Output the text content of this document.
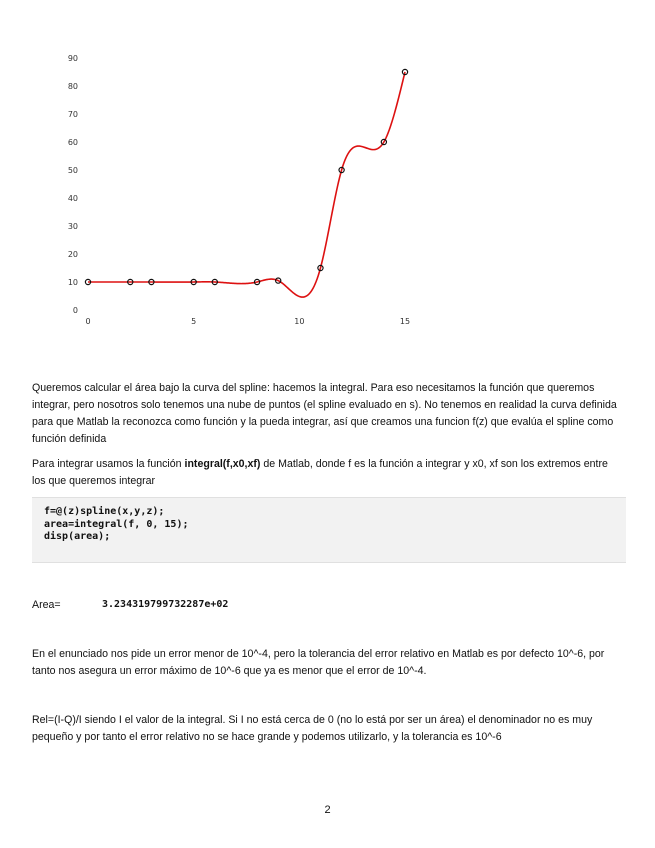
0
10
20
30
40
50
60
70
80
90
0	5	10	15

Queremos calcular el área bajo la curva del spline: hacemos la integral. Para eso necesitamos la función que queremos integrar, pero nosotros solo tenemos una nube de puntos (el spline evaluado en s). No tenemos en realidad la curva definida para que Matlab la reconozca como función y la pueda integrar, así que creamos una funcion f(z) que evalúa el spline como función definida

Para integrar usamos la función integral(f,x0,xf) de Matlab, donde f es la función a integrar y x0, xf son los extremos entre los que queremos integrar

f=@(z)spline(x,y,z);
area=integral(f, 0, 15);
disp(area);
Area=	3.234319799732287e+02

En el enunciado nos pide un error menor de 10^-4, pero la tolerancia del error relativo en Matlab es por defecto 10^-6, por tanto nos asegura un error máximo de 10^-6 que ya es menor que el error de 10^-4.

Rel=(I-Q)/I siendo I el valor de la integral. Si I no está cerca de 0 (no lo está por ser un área) el denominador no es muy pequeño y por tanto el error relativo no se hace grande y podemos utilizarlo, y la tolerancia es 10^-6

2
